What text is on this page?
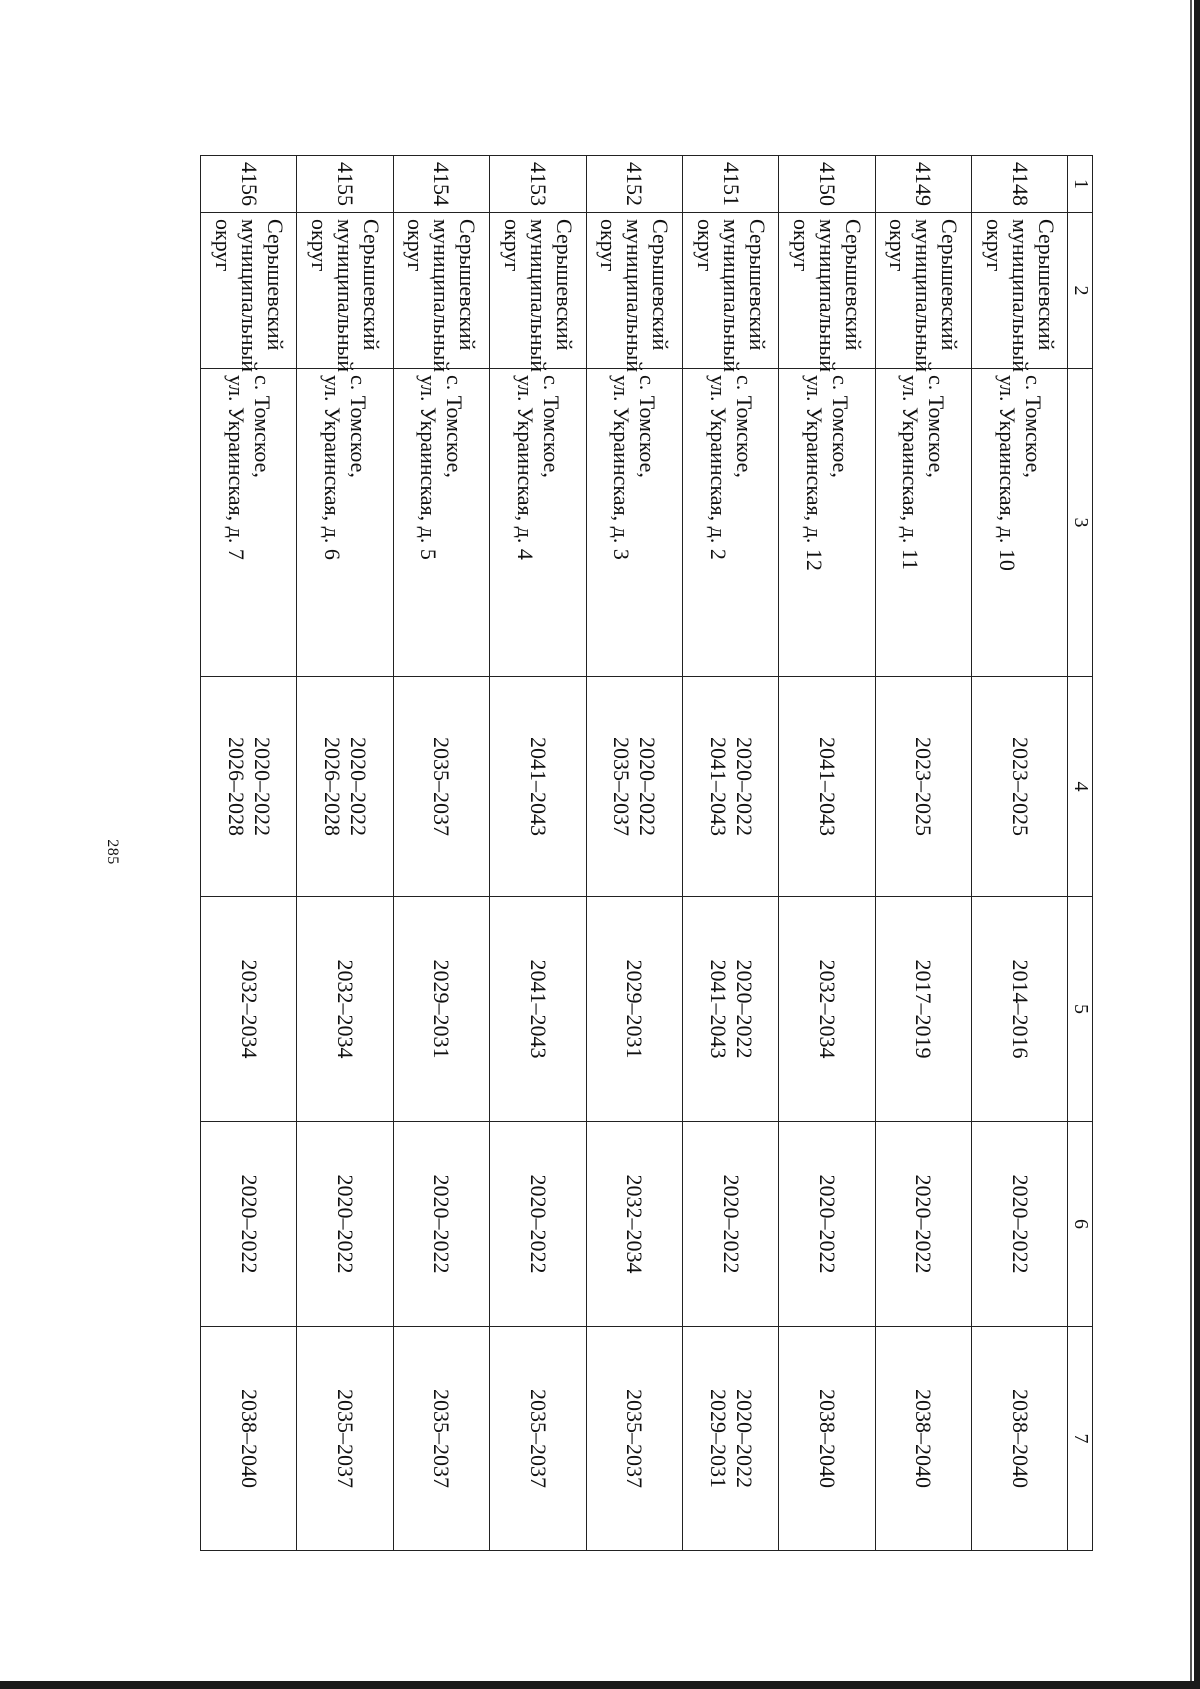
285
1	2	3	4	5	6	7
4148	Серышевский
муниципальный
округ	с. Томское,
ул. Украинская, д. 10	2023–2025	2014–2016	2020–2022	2038–2040

4149	Серышевский
муниципальный
округ	с. Томское,
ул. Украинская, д. 11	2023–2025	2017–2019	2020–2022	2038–2040

4150	Серышевский
муниципальный
округ	с. Томское,
ул. Украинская, д. 12	2041–2043	2032–2034	2020–2022	2038–2040

4151	Серышевский
муниципальный
округ	с. Томское,
ул. Украинская, д. 2	2020–2022
2041–2043	2020–2022
2041–2043	2020–2022	2020–2022
2029–2031

4152	Серышевский
муниципальный
округ	с. Томское,
ул. Украинская, д. 3	2020–2022
2035–2037	2029–2031	2032–2034	2035–2037

4153	Серышевский
муниципальный
округ	с. Томское,
ул. Украинская, д. 4	2041–2043	2041–2043	2020–2022	2035–2037

4154	Серышевский
муниципальный
округ	с. Томское,
ул. Украинская, д. 5	2035–2037	2029–2031	2020–2022	2035–2037

4155	Серышевский
муниципальный
округ	с. Томское,
ул. Украинская, д. 6	2020–2022
2026–2028	2032–2034	2020–2022	2035–2037

4156	Серышевский
муниципальный
округ	с. Томское,
ул. Украинская, д. 7	2020–2022
2026–2028	2032–2034	2020–2022	2038–2040
